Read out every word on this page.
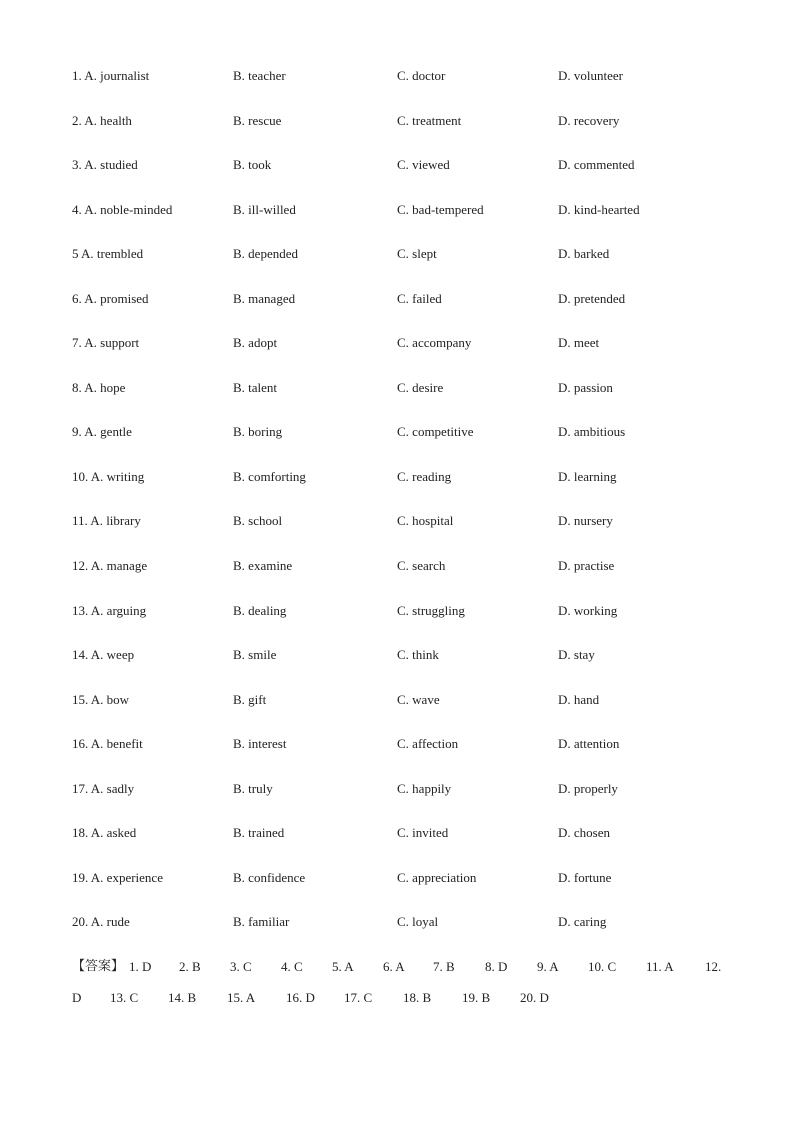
1. A. journalist	B. teacher	C. doctor	D. volunteer
2. A. health	B. rescue	C. treatment	D. recovery
3. A. studied	B. took	C. viewed	D. commented
4. A. noble-minded	B. ill-willed	C. bad-tempered	D. kind-hearted
5 A. trembled	B. depended	C. slept	D. barked
6. A. promised	B. managed	C. failed	D. pretended
7. A. support	B. adopt	C. accompany	D. meet
8. A. hope	B. talent	C. desire	D. passion
9. A. gentle	B. boring	C. competitive	D. ambitious
10. A. writing	B. comforting	C. reading	D. learning
11. A. library	B. school	C. hospital	D. nursery
12. A. manage	B. examine	C. search	D. practise
13. A. arguing	B. dealing	C. struggling	D. working
14. A. weep	B. smile	C. think	D. stay
15. A. bow	B. gift	C. wave	D. hand
16. A. benefit	B. interest	C. affection	D. attention
17. A. sadly	B. truly	C. happily	D. properly
18. A. asked	B. trained	C. invited	D. chosen
19. A. experience	B. confidence	C. appreciation	D. fortune
20. A. rude	B. familiar	C. loyal	D. caring
【答案】 1. D 2. B 3. C 4. C 5. A 6. A 7. B 8. D 9. A 10. C 11. A 12.
D 13. C 14. B 15. A 16. D 17. C 18. B 19. B 20. D
